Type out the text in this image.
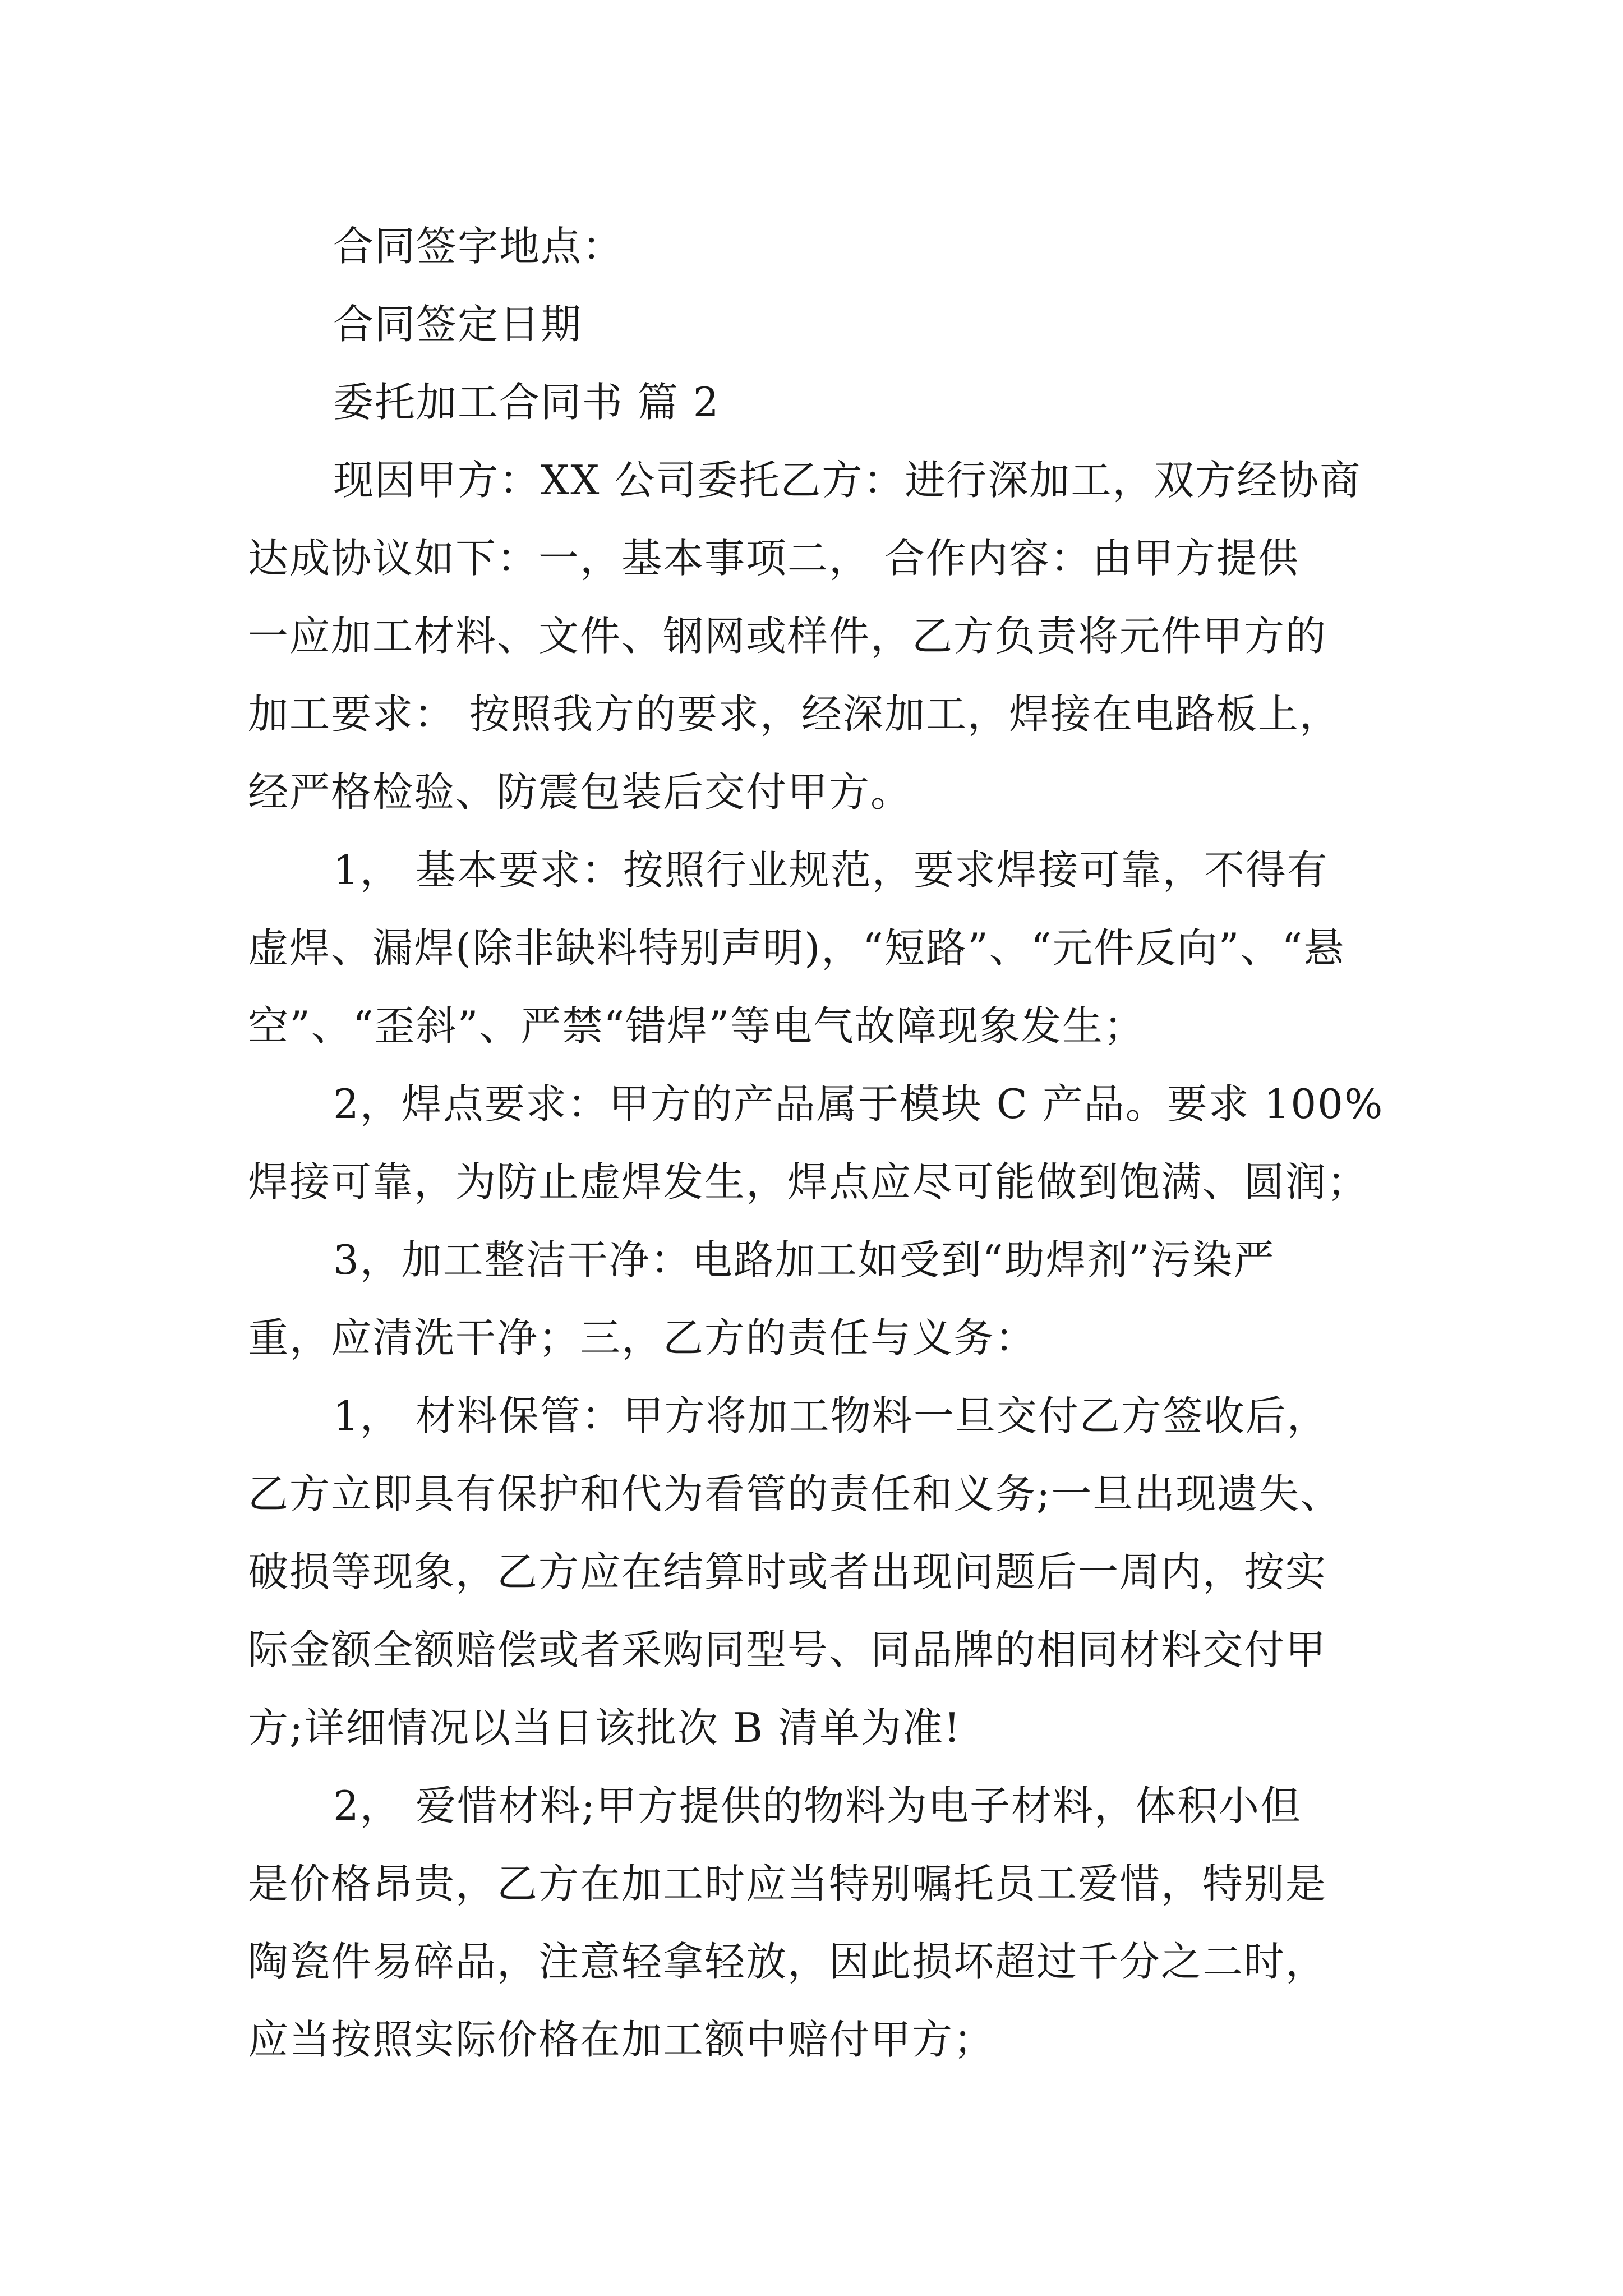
合同签字地点：

合同签定日期

委托加工合同书 篇 2

现因甲方：XX 公司委托乙方：进行深加工，双方经协商
达成协议如下：一，基本事项二， 合作内容：由甲方提供
一应加工材料、文件、钢网或样件，乙方负责将元件甲方的
加工要求： 按照我方的要求，经深加工，焊接在电路板上，
经严格检验、防震包装后交付甲方。

1， 基本要求：按照行业规范，要求焊接可靠，不得有
虚焊、漏焊(除非缺料特别声明)，“短路”、“元件反向”、“悬
空”、“歪斜”、严禁“错焊”等电气故障现象发生；

2，焊点要求：甲方的产品属于模块 C 产品。要求 100%
焊接可靠，为防止虚焊发生，焊点应尽可能做到饱满、圆润；

3，加工整洁干净：电路加工如受到“助焊剂”污染严
重，应清洗干净；三，乙方的责任与义务：

1， 材料保管：甲方将加工物料一旦交付乙方签收后，
乙方立即具有保护和代为看管的责任和义务;一旦出现遗失、
破损等现象，乙方应在结算时或者出现问题后一周内，按实
际金额全额赔偿或者采购同型号、同品牌的相同材料交付甲
方;详细情况以当日该批次 B 清单为准!

2， 爱惜材料;甲方提供的物料为电子材料，体积小但
是价格昂贵，乙方在加工时应当特别嘱托员工爱惜，特别是
陶瓷件易碎品，注意轻拿轻放，因此损坏超过千分之二时，
应当按照实际价格在加工额中赔付甲方；
